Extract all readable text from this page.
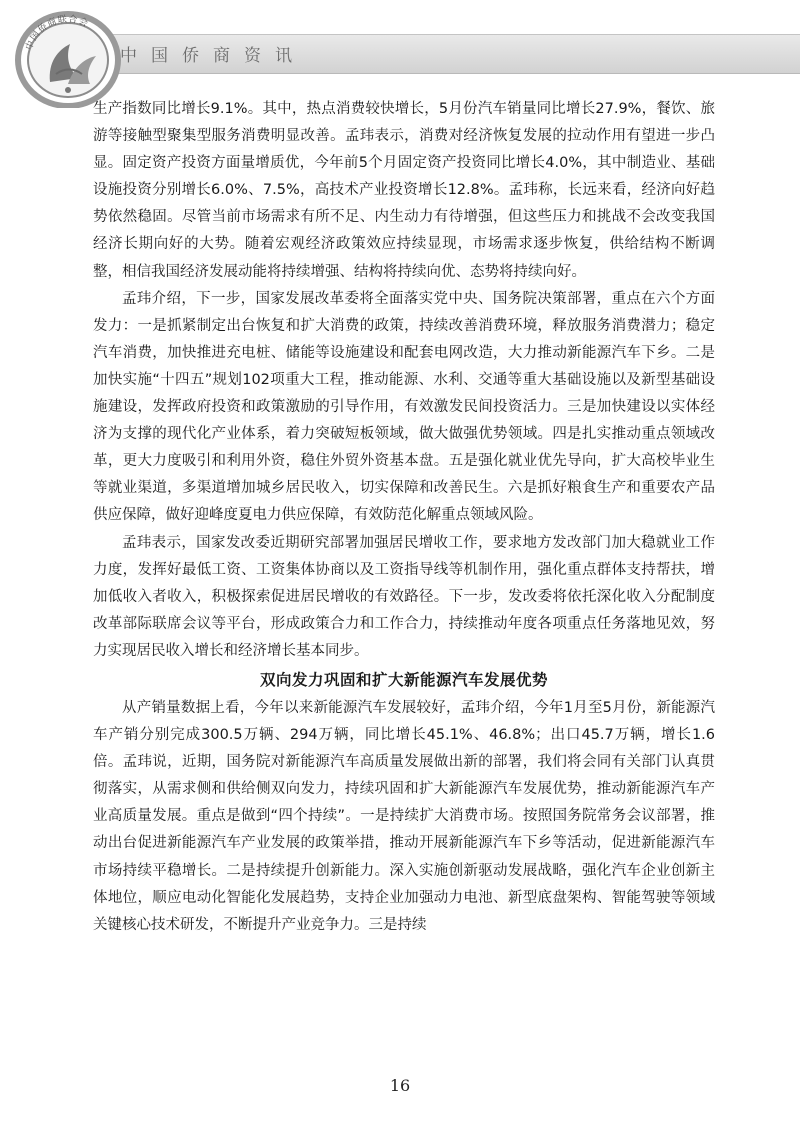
中国侨商联合会
中国侨商资讯

生产指数同比增长9.1%。其中，热点消费较快增长，5月份汽车销量同比增长27.9%，餐饮、旅游等接触型聚集型服务消费明显改善。孟玮表示，消费对经济恢复发展的拉动作用有望进一步凸显。固定资产投资方面量增质优，今年前5个月固定资产投资同比增长4.0%，其中制造业、基础设施投资分别增长6.0%、7.5%，高技术产业投资增长12.8%。孟玮称，长远来看，经济向好趋势依然稳固。尽管当前市场需求有所不足、内生动力有待增强，但这些压力和挑战不会改变我国经济长期向好的大势。随着宏观经济政策效应持续显现，市场需求逐步恢复，供给结构不断调整，相信我国经济发展动能将持续增强、结构将持续向优、态势将持续向好。

孟玮介绍，下一步，国家发展改革委将全面落实党中央、国务院决策部署，重点在六个方面发力：一是抓紧制定出台恢复和扩大消费的政策，持续改善消费环境，释放服务消费潜力；稳定汽车消费，加快推进充电桩、储能等设施建设和配套电网改造，大力推动新能源汽车下乡。二是加快实施“十四五”规划102项重大工程，推动能源、水利、交通等重大基础设施以及新型基础设施建设，发挥政府投资和政策激励的引导作用，有效激发民间投资活力。三是加快建设以实体经济为支撑的现代化产业体系，着力突破短板领域，做大做强优势领域。四是扎实推动重点领域改革，更大力度吸引和利用外资，稳住外贸外资基本盘。五是强化就业优先导向，扩大高校毕业生等就业渠道，多渠道增加城乡居民收入，切实保障和改善民生。六是抓好粮食生产和重要农产品供应保障，做好迎峰度夏电力供应保障，有效防范化解重点领域风险。

孟玮表示，国家发改委近期研究部署加强居民增收工作，要求地方发改部门加大稳就业工作力度，发挥好最低工资、工资集体协商以及工资指导线等机制作用，强化重点群体支持帮扶，增加低收入者收入，积极探索促进居民增收的有效路径。下一步，发改委将依托深化收入分配制度改革部际联席会议等平台，形成政策合力和工作合力，持续推动年度各项重点任务落地见效，努力实现居民收入增长和经济增长基本同步。

双向发力巩固和扩大新能源汽车发展优势

从产销量数据上看，今年以来新能源汽车发展较好，孟玮介绍，今年1月至5月份，新能源汽车产销分别完成300.5万辆、294万辆，同比增长45.1%、46.8%；出口45.7万辆，增长1.6倍。孟玮说，近期，国务院对新能源汽车高质量发展做出新的部署，我们将会同有关部门认真贯彻落实，从需求侧和供给侧双向发力，持续巩固和扩大新能源汽车发展优势，推动新能源汽车产业高质量发展。重点是做到“四个持续”。一是持续扩大消费市场。按照国务院常务会议部署，推动出台促进新能源汽车产业发展的政策举措，推动开展新能源汽车下乡等活动，促进新能源汽车市场持续平稳增长。二是持续提升创新能力。深入实施创新驱动发展战略，强化汽车企业创新主体地位，顺应电动化智能化发展趋势，支持企业加强动力电池、新型底盘架构、智能驾驶等领域关键核心技术研发，不断提升产业竞争力。三是持续

16
